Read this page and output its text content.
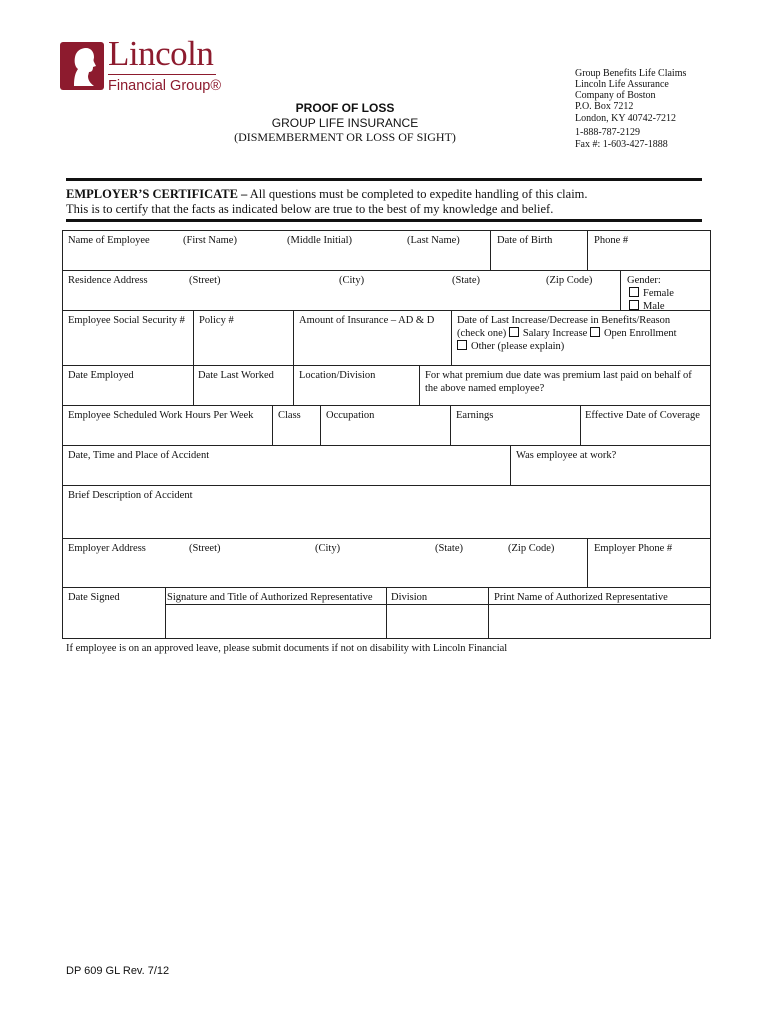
Lincoln
Financial Group®
PROOF OF LOSS
GROUP LIFE INSURANCE
(DISMEMBERMENT OR LOSS OF SIGHT)
Group Benefits Life Claims
Lincoln Life Assurance
Company of Boston
P.O. Box 7212
London, KY 40742-7212
1-888-787-2129
Fax #: 1-603-427-1888
EMPLOYER’S CERTIFICATE – All questions must be completed to expedite handling of this claim.
This is to certify that the facts as indicated below are true to the best of my knowledge and belief.
Name of Employee	(First Name)	(Middle Initial)	(Last Name)	Date of Birth	Phone #
Residence Address	(Street)	(City)	(State)	(Zip Code)	Gender:
Female
Male
Employee Social Security #	Policy #	Amount of Insurance – AD & D	Date of Last Increase/Decrease in Benefits/Reason
(check one) Salary Increase Open Enrollment
Other (please explain)
Date Employed	Date Last Worked	Location/Division	For what premium due date was premium last paid on behalf of
the above named employee?
Employee Scheduled Work Hours Per Week	Class	Occupation	Earnings	Effective Date of Coverage
Date, Time and Place of Accident	Was employee at work?
Brief Description of Accident
Employer Address	(Street)	(City)	(State)	(Zip Code)	Employer Phone #
Date Signed	Signature and Title of Authorized Representative	Division	Print Name of Authorized Representative
If employee is on an approved leave, please submit documents if not on disability with Lincoln Financial
DP 609 GL Rev. 7/12
